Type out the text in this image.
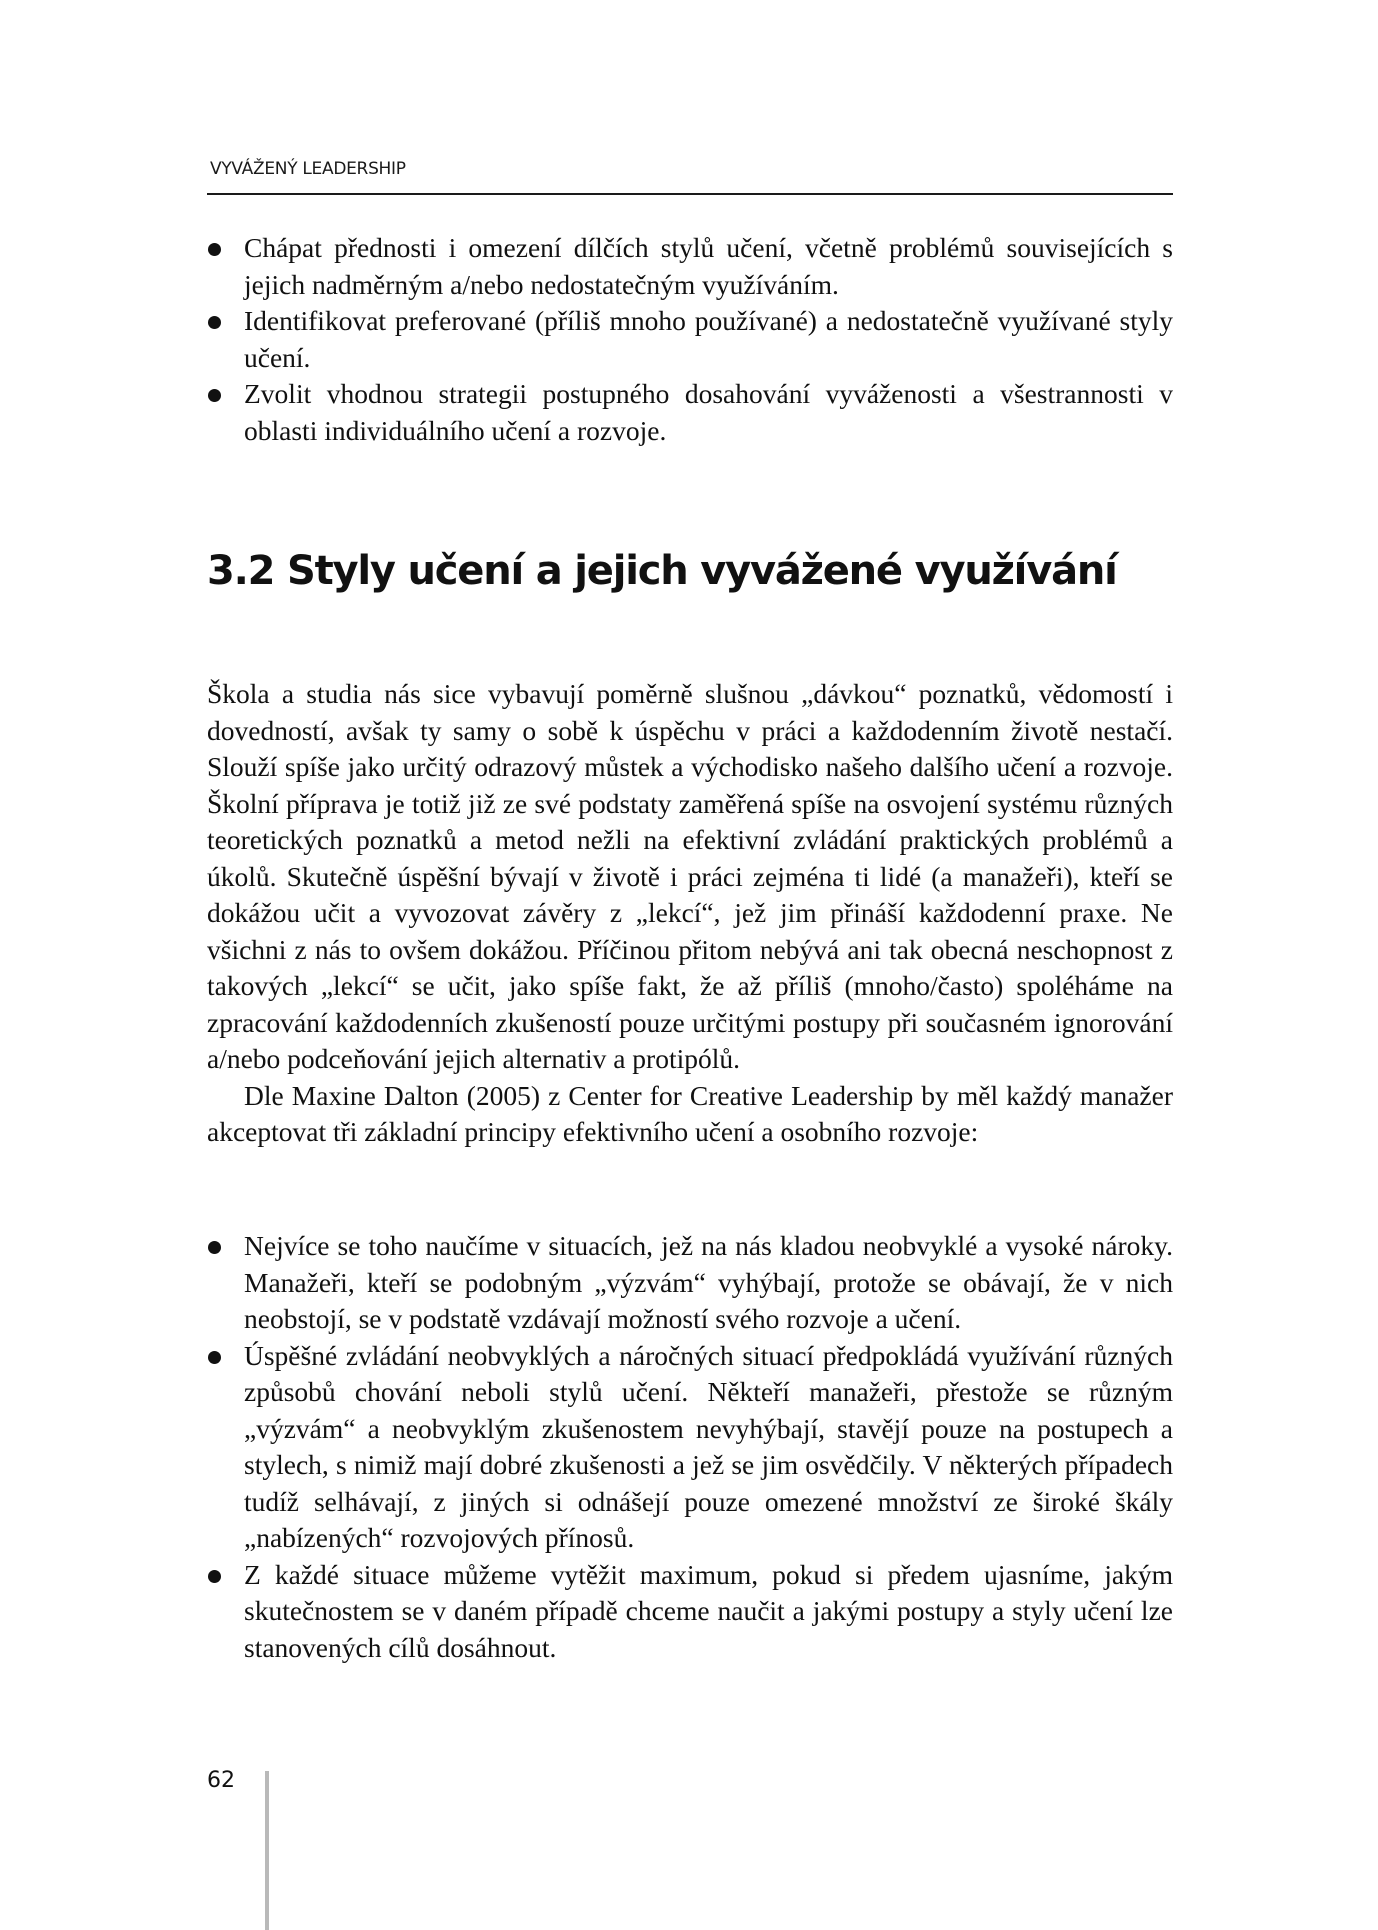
VYVÁŽENÝ LEADERSHIP
Chápat přednosti i omezení dílčích stylů učení, včetně problémů souvisejících s jejich nadměrným a/nebo nedostatečným využíváním.
Identifikovat preferované (příliš mnoho používané) a nedostatečně využívané styly učení.
Zvolit vhodnou strategii postupného dosahování vyváženosti a všestrannosti v oblasti individuálního učení a rozvoje.
3.2 Styly učení a jejich vyvážené využívání

Škola a studia nás sice vybavují poměrně slušnou „dávkou“ poznatků, vědomostí i dovedností, avšak ty samy o sobě k úspěchu v práci a každodenním životě nestačí. Slouží spíše jako určitý odrazový můstek a východisko našeho dalšího učení a rozvoje. Školní příprava je totiž již ze své podstaty zaměřená spíše na osvojení systému různých teoretických poznatků a metod nežli na efektivní zvládání praktických problémů a úkolů. Skutečně úspěšní bývají v životě i práci zejména ti lidé (a manažeři), kteří se dokážou učit a vyvozovat závěry z „lekcí“, jež jim přináší každodenní praxe. Ne všichni z nás to ovšem dokážou. Příčinou přitom nebývá ani tak obecná neschopnost z takových „lekcí“ se učit, jako spíše fakt, že až příliš (mnoho/často) spoléháme na zpracování každodenních zkušeností pouze určitými postupy při současném ignorování a/nebo podceňování jejich alternativ a protipólů.

Dle Maxine Dalton (2005) z Center for Creative Leadership by měl každý manažer akceptovat tři základní principy efektivního učení a osobního rozvoje:

Nejvíce se toho naučíme v situacích, jež na nás kladou neobvyklé a vysoké nároky. Manažeři, kteří se podobným „výzvám“ vyhýbají, protože se obávají, že v nich neobstojí, se v podstatě vzdávají možností svého rozvoje a učení.
Úspěšné zvládání neobvyklých a náročných situací předpokládá využívání různých způsobů chování neboli stylů učení. Někteří manažeři, přestože se různým „výzvám“ a neobvyklým zkušenostem nevyhýbají, stavějí pouze na postupech a stylech, s nimiž mají dobré zkušenosti a jež se jim osvědčily. V některých případech tudíž selhávají, z jiných si odnášejí pouze omezené množství ze široké škály „nabízených“ rozvojových přínosů.
Z každé situace můžeme vytěžit maximum, pokud si předem ujasníme, jakým skutečnostem se v daném případě chceme naučit a jakými postupy a styly učení lze stanovených cílů dosáhnout.
62
